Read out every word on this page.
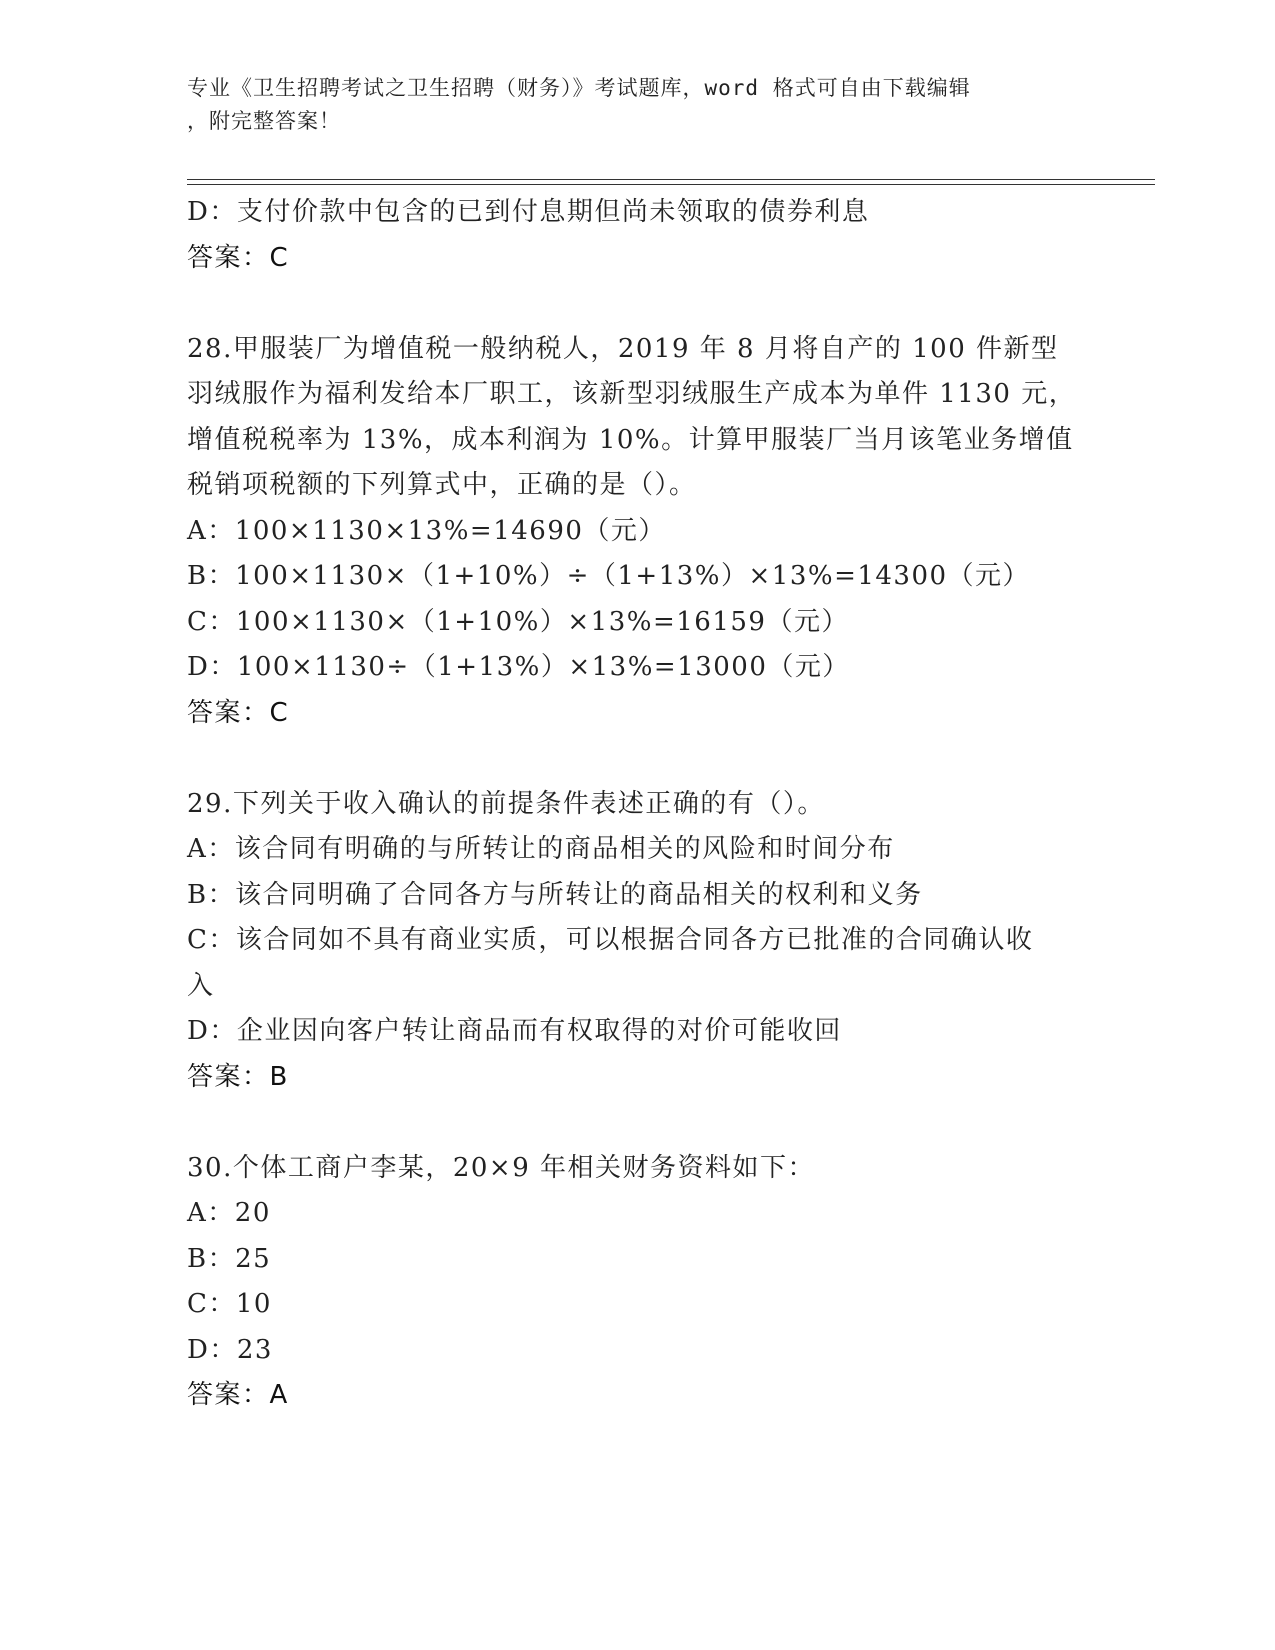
专业《卫生招聘考试之卫生招聘（财务）》考试题库，word 格式可自由下载编辑
，附完整答案！
D：支付价款中包含的已到付息期但尚未领取的债券利息
答案：C
28.甲服装厂为增值税一般纳税人，2019 年 8 月将自产的 100 件新型羽绒服作为福利发给本厂职工，该新型羽绒服生产成本为单件 1130 元，增值税税率为 13%，成本利润为 10%。计算甲服装厂当月该笔业务增值税销项税额的下列算式中，正确的是（）。
A：100×1130×13%=14690（元）
B：100×1130×（1+10%）÷（1+13%）×13%=14300（元）
C：100×1130×（1+10%）×13%=16159（元）
D：100×1130÷（1+13%）×13%=13000（元）
答案：C
29.下列关于收入确认的前提条件表述正确的有（）。
A：该合同有明确的与所转让的商品相关的风险和时间分布
B：该合同明确了合同各方与所转让的商品相关的权利和义务
C：该合同如不具有商业实质，可以根据合同各方已批准的合同确认收入
D：企业因向客户转让商品而有权取得的对价可能收回
答案：B
30.个体工商户李某，20×9 年相关财务资料如下：
A：20
B：25
C：10
D：23
答案：A
